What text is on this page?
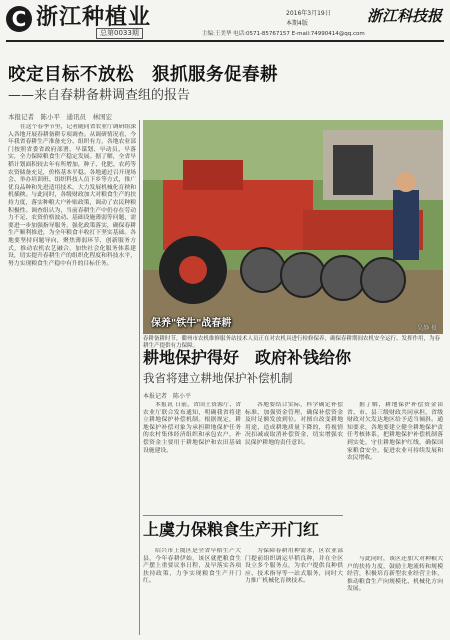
C 浙江种植业
总第0033期
2016年3月19日
本期4版	浙江科技报
主编:王美华 电话:0571-85767157 E-mail:74990414@qq.com
咬定目标不放松　狠抓服务促春耕
——来自春耕备耕调查组的报告
本报记者　陈小平　通讯员　林国宏
在这个春季节里，记者随同省农业厅调研组深入各地开展春耕备耕专项调查。从调研情况看，今年我省春耕生产准备充分、组织有力，各地农业部门按照省委省政府部署，早谋划、早动员、早落实，全力保障粮食生产稳定发展。据了解，全省早稻计划面积较去年有所增加，种子、化肥、农药等农资储备充足，价格基本平稳。各地通过召开现场会、举办培训班、组织科技人员下乡等方式，推广优良品种和先进适用技术，大力发展机械化育秧和机插秧。与此同时，各级财政加大对粮食生产的扶持力度，落实种粮大户补贴政策，调动了农民种粮积极性。调查组认为，当前春耕生产中仍存在劳动力不足、农资价格波动、基础设施薄弱等问题，需要进一步加强指导服务，强化政策落实，确保春耕生产顺利推进，为全年粮食丰收打下坚实基础。各地要坚持问题导向，聚焦薄弱环节，创新服务方式，推动农机农艺融合，加快社会化服务体系建设，切实提升春耕生产的组织化程度和科技水平，努力实现粮食生产稳中有升的目标任务。
保养"铁牛"战春耕	吴静 摄
春耕备耕时节，衢州市农机维修服务站技术人员正在对农机具进行检修保养，确保春耕期间农机安全运行、发挥作用，为春耕生产提供有力保障。
耕地保护得好　政府补钱给你
我省将建立耕地保护补偿机制
本报记者　陈小平
本报讯 日前，省国土资源厅、省农业厅联合发布通知，明确我省将建立耕地保护补偿机制。根据规定，耕地保护补偿对象为承担耕地保护任务的农村集体经济组织和承包农户，补偿资金主要用于耕地保护和农田基础设施建设。
各地要结合实际，科学确定补偿标准，加强资金管理，确保补偿资金及时足额发放到位。对擅自改变耕地用途、造成耕地质量下降的，将视情况扣减或取消补偿资金，切实增强农民保护耕地的责任意识。
据了解，耕地保护补偿资金由省、市、县三级财政共同承担，省级财政对欠发达地区给予适当倾斜。通知要求，各地要建立健全耕地保护责任考核体系，把耕地保护补偿机制落到实处，守住耕地保护红线，确保国家粮食安全，促进农业可持续发展和农民增收。
上虞力保粮食生产开门红
绍兴市上虞区是全省早稻生产大县，今年春耕伊始，该区就把粮食生产摆上重要议事日程，及早落实各项扶持政策，力争实现粮食生产开门红。
为保障春耕用种需求，区农业部门提前组织调运早稻良种，并在全区设立多个服务点，为农户提供良种供应、技术指导等一站式服务，同时大力推广机械化育秧技术。
与此同时，该区还加大对种粮大户的扶持力度，鼓励土地流转和规模经营，积极培育新型农业经营主体，推动粮食生产向规模化、机械化方向发展。
